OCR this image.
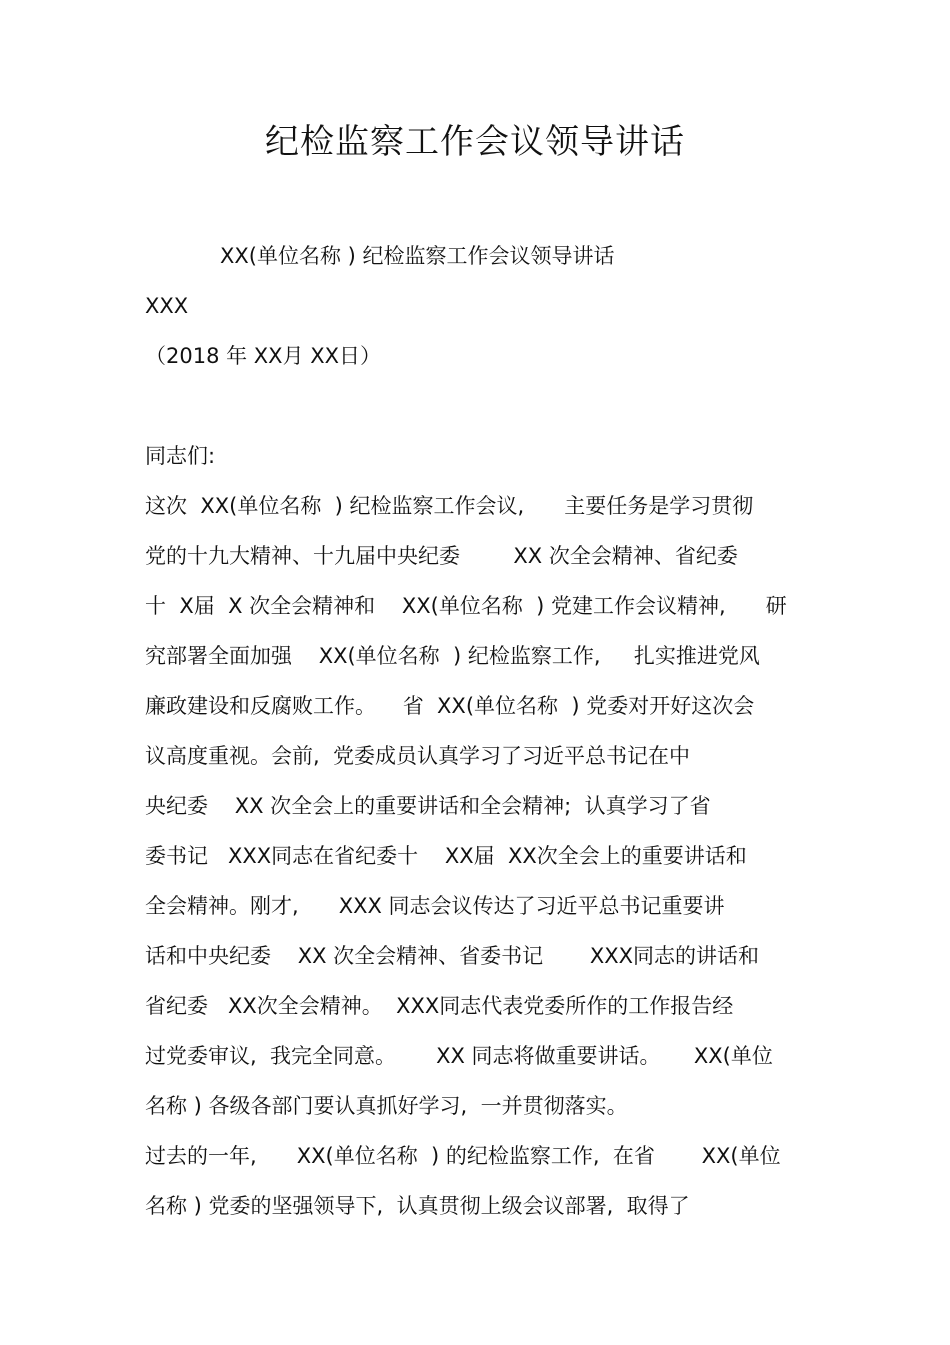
纪检监察工作会议领导讲话
XX(单位名称 ) 纪检监察工作会议领导讲话
XXX
（2018 年 XX月 XX日）
同志们:
这次  XX(单位名称  ) 纪检监察工作会议,      主要任务是学习贯彻
党的十九大精神、十九届中央纪委        XX 次全会精神、省纪委
十  X届  X 次全会精神和    XX(单位名称  ) 党建工作会议精神,      研
究部署全面加强    XX(单位名称  ) 纪检监察工作,     扎实推进党风
廉政建设和反腐败工作。    省  XX(单位名称  ) 党委对开好这次会
议高度重视。会前,  党委成员认真学习了习近平总书记在中
央纪委    XX 次全会上的重要讲话和全会精神;  认真学习了省
委书记   XXX同志在省纪委十    XX届  XX次全会上的重要讲话和
全会精神。刚才,      XXX 同志会议传达了习近平总书记重要讲
话和中央纪委    XX 次全会精神、省委书记       XXX同志的讲话和
省纪委   XX次全会精神。  XXX同志代表党委所作的工作报告经
过党委审议,  我完全同意。      XX 同志将做重要讲话。     XX(单位
名称 ) 各级各部门要认真抓好学习,  一并贯彻落实。
过去的一年,      XX(单位名称  ) 的纪检监察工作,  在省       XX(单位
名称 ) 党委的坚强领导下,  认真贯彻上级会议部署,  取得了
